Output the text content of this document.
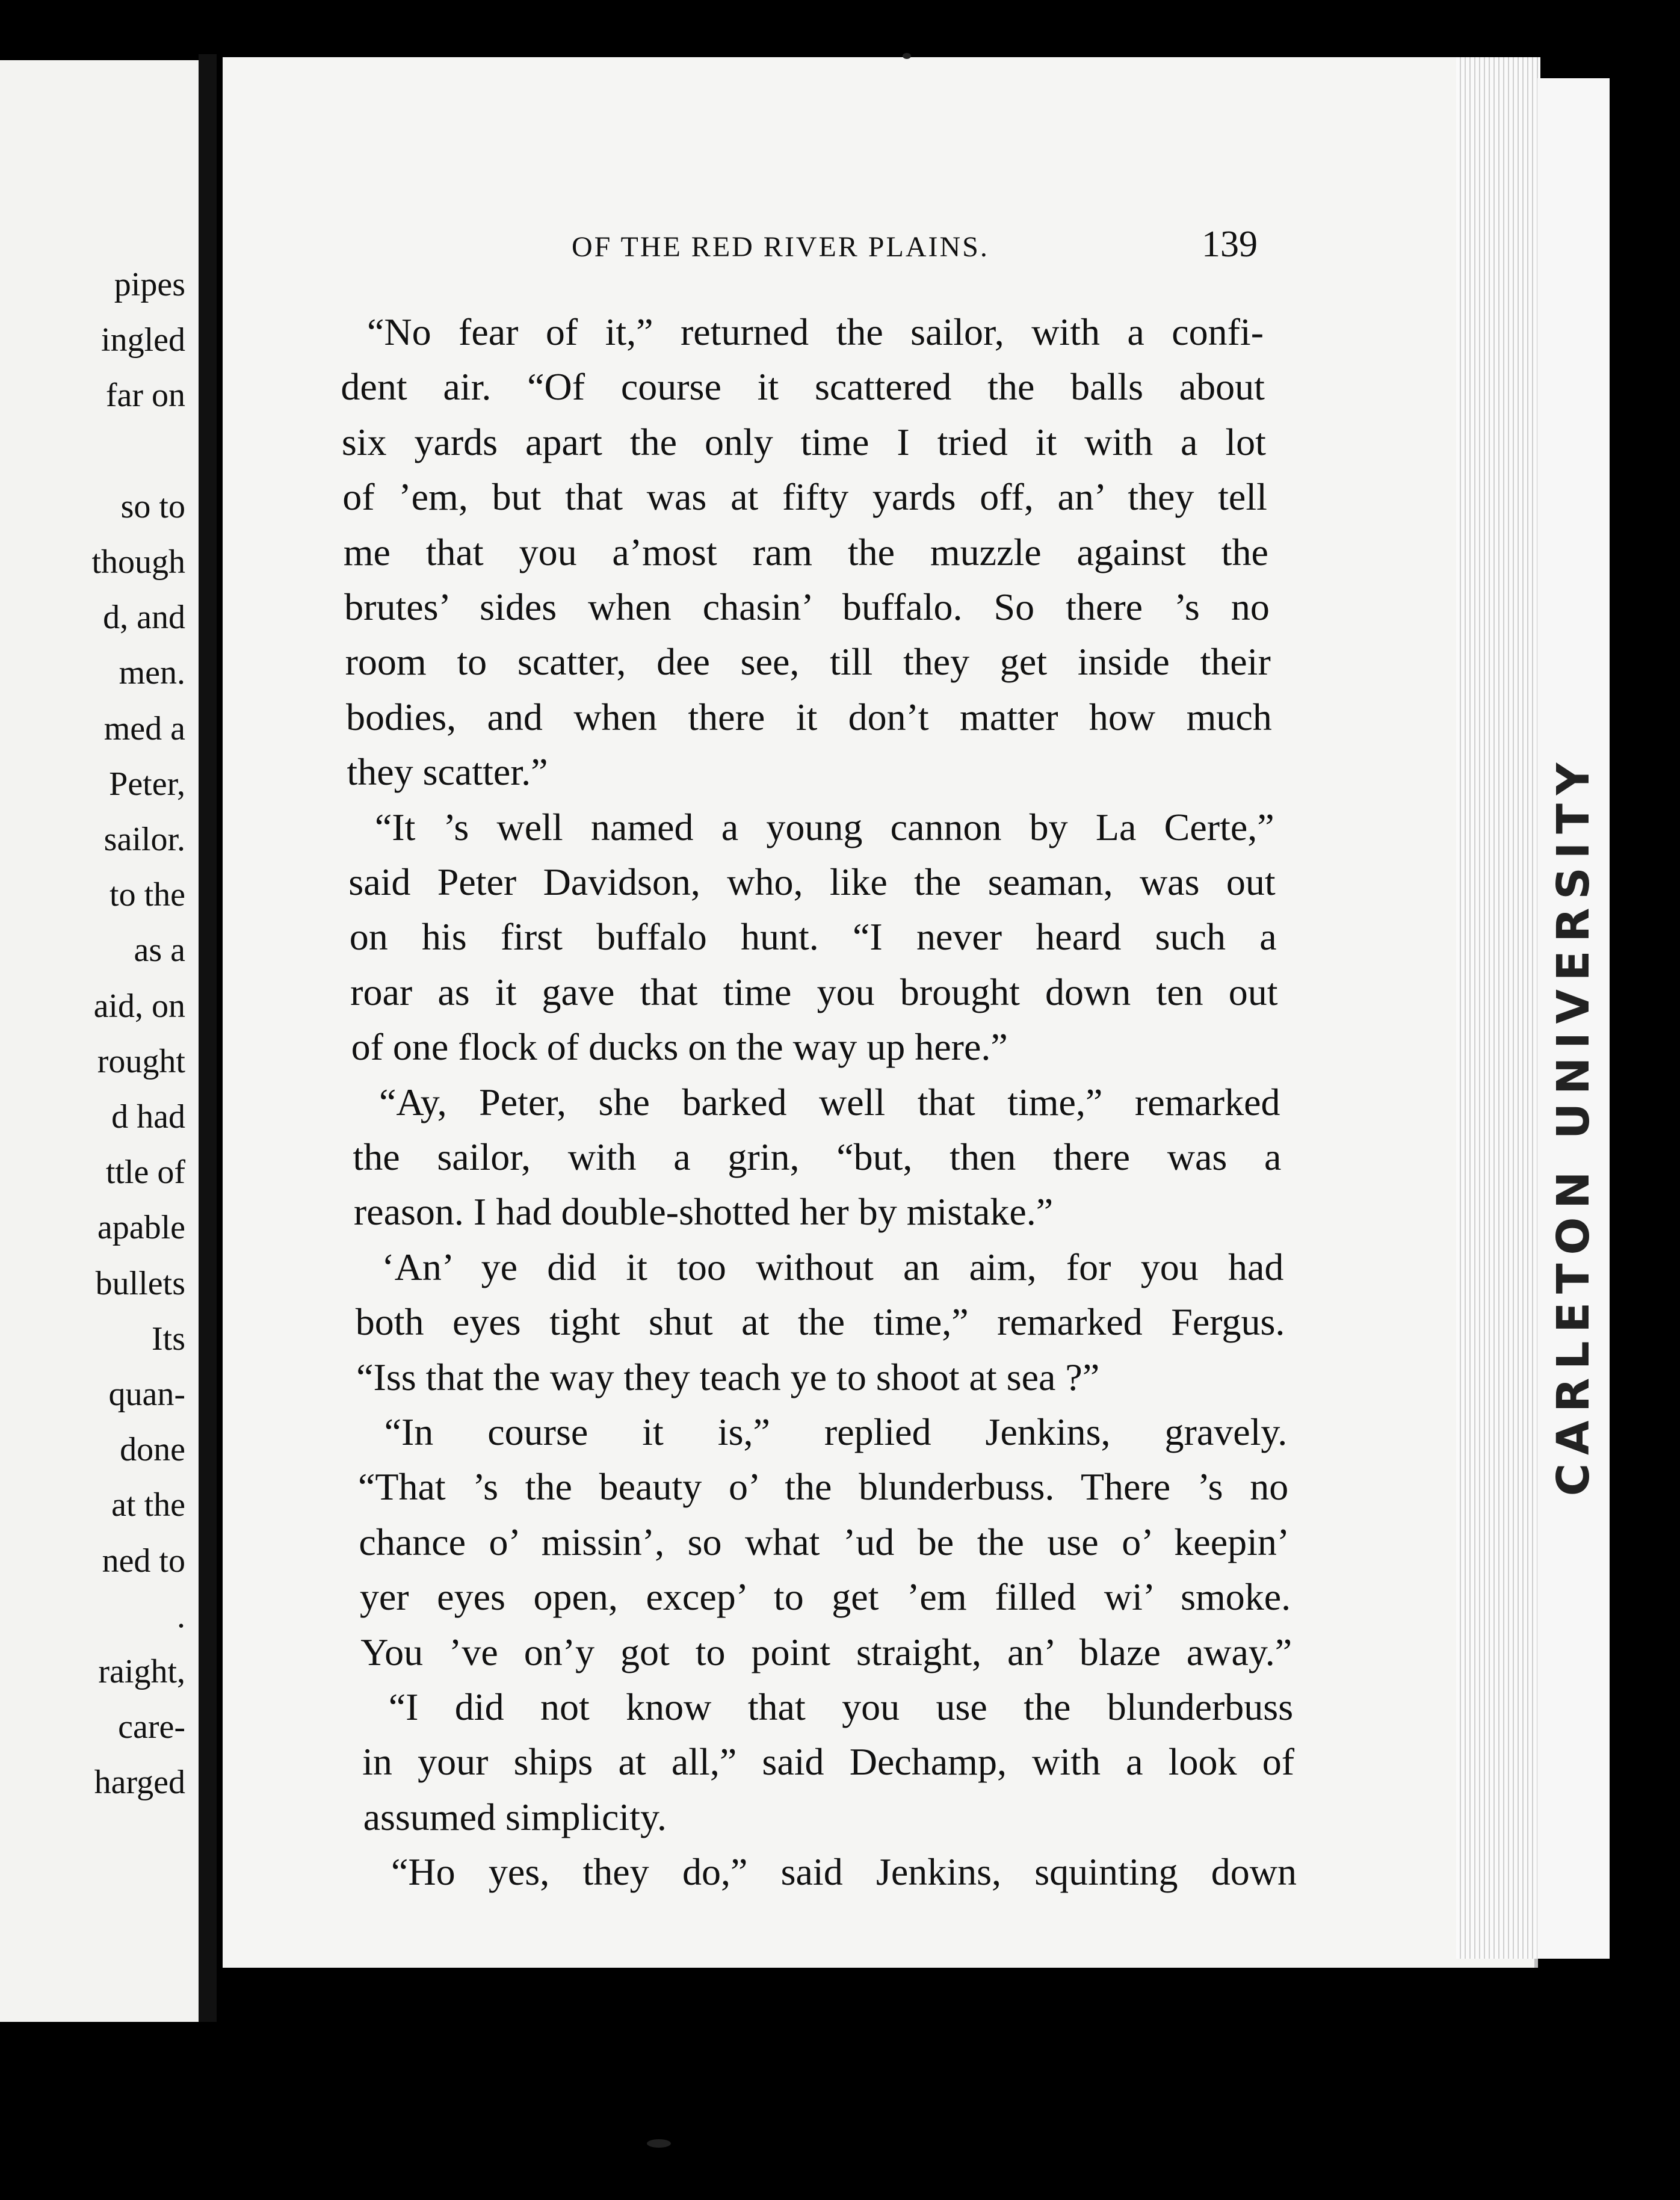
pipes
ingled
far on
so to
though
d, and
men.
med a
Peter,
sailor.
to the
as a
aid, on
rought
d had
ttle of
apable
bullets
Its
quan-
done
at the
ned to
.
raight,
care-
harged
CARLETON UNIVERSITY
OF THE RED RIVER PLAINS.	139
“No fear of it,” returned the sailor, with a confi-
dent air. “Of course it scattered the balls about
six yards apart the only time I tried it with a lot
of ’em, but that was at fifty yards off, an’ they tell
me that you a’most ram the muzzle against the
brutes’ sides when chasin’ buffalo. So there ’s no
room to scatter, dee see, till they get inside their
bodies, and when there it don’t matter how much
they scatter.”
“It ’s well named a young cannon by La Certe,”
said Peter Davidson, who, like the seaman, was out
on his first buffalo hunt. “I never heard such a
roar as it gave that time you brought down ten out
of one flock of ducks on the way up here.”
“Ay, Peter, she barked well that time,” remarked
the sailor, with a grin, “but, then there was a
reason. I had double-shotted her by mistake.”
‘An’ ye did it too without an aim, for you had
both eyes tight shut at the time,” remarked Fergus.
“Iss that the way they teach ye to shoot at sea ?”
“In course it is,” replied Jenkins, gravely.
“That ’s the beauty o’ the blunderbuss. There ’s no
chance o’ missin’, so what ’ud be the use o’ keepin’
yer eyes open, excep’ to get ’em filled wi’ smoke.
You ’ve on’y got to point straight, an’ blaze away.”
“I did not know that you use the blunderbuss
in your ships at all,” said Dechamp, with a look of
assumed simplicity.
“Ho yes, they do,” said Jenkins, squinting down
